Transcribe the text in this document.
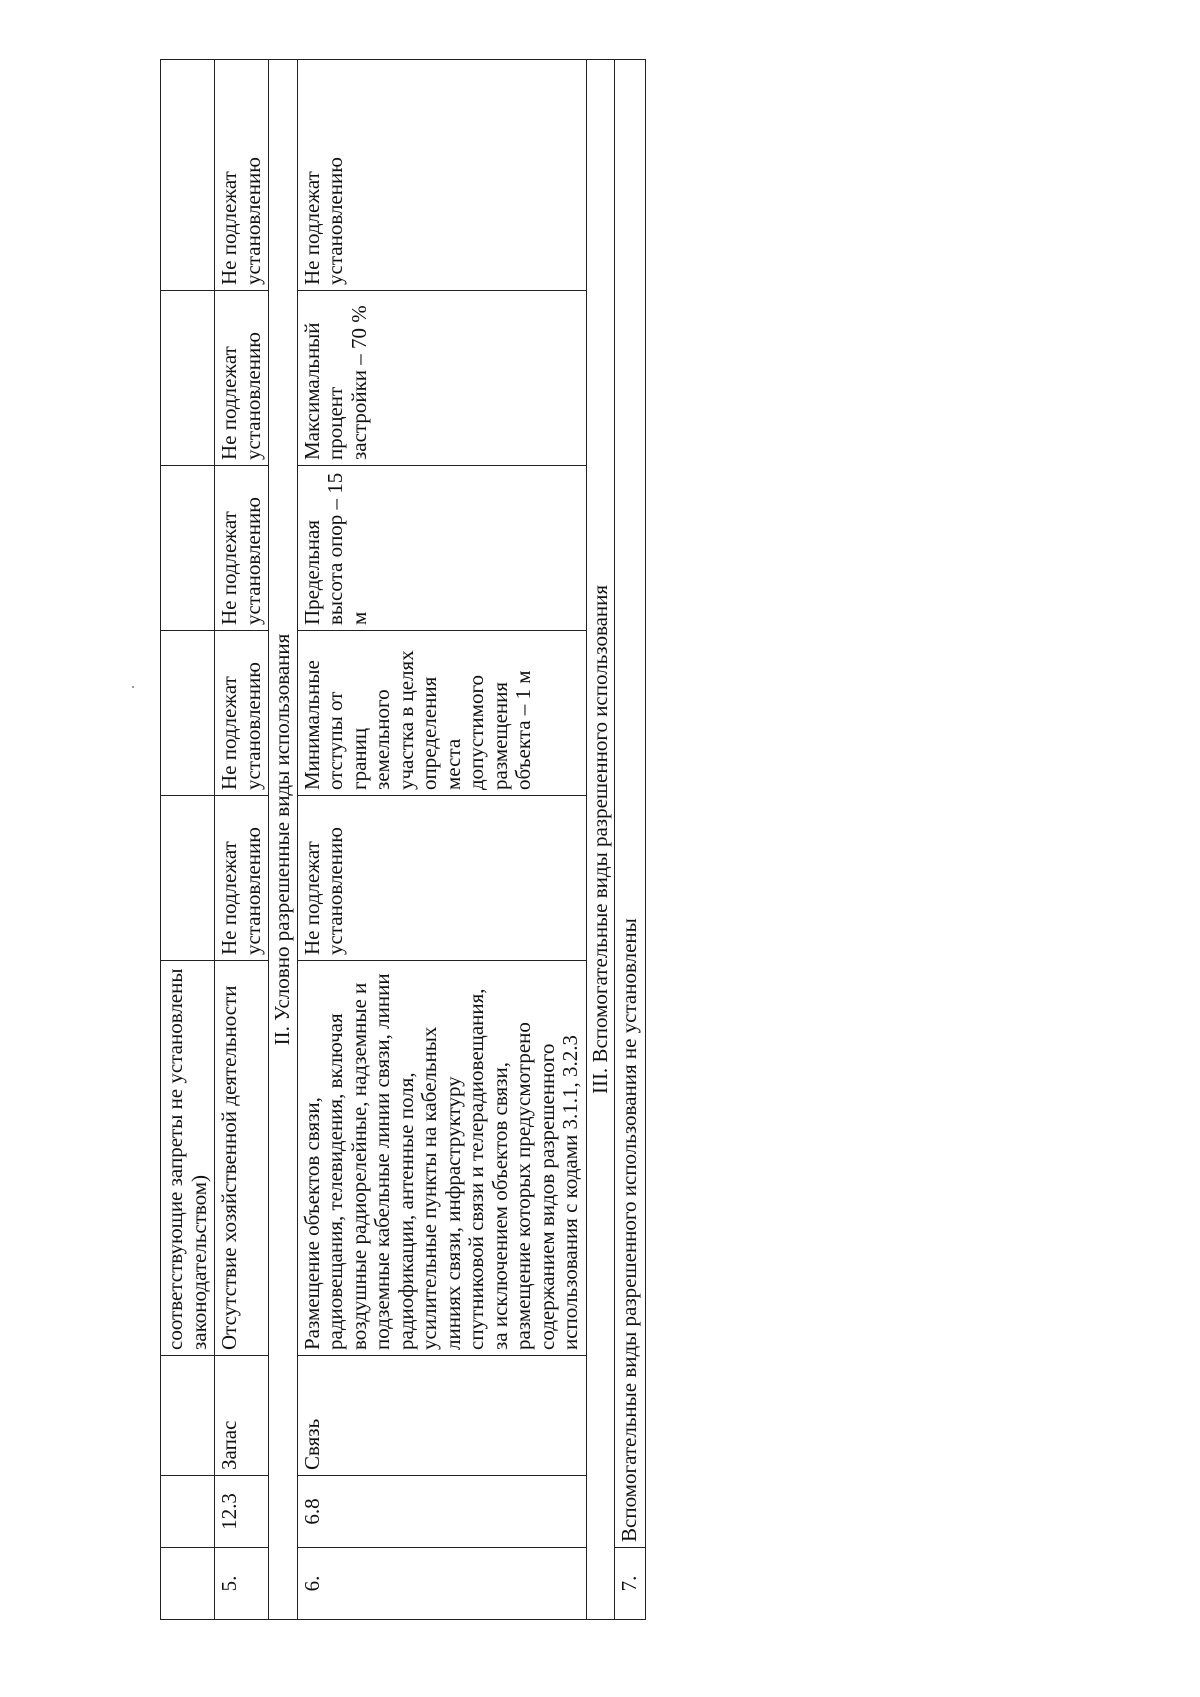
			соответствующие запреты не установлены законодательством)					
5.	12.3	Запас	Отсутствие хозяйственной деятельности	Не подлежат установлению	Не подлежат установлению	Не подлежат установлению	Не подлежат установлению	Не подлежат установлению
II. Условно разрешенные виды использования								
6.	6.8	Связь	Размещение объектов связи, радиовещания, телевидения, включая воздушные радиорелейные, надземные и подземные кабельные линии связи, линии радиофикации, антенные поля, усилительные пункты на кабельных линиях связи, инфраструктуру спутниковой связи и телерадиовещания, за исключением объектов связи, размещение которых предусмотрено содержанием видов разрешенного использования с кодами 3.1.1, 3.2.3	Не подлежат установлению	Минимальные отступы от границ земельного участка в целях определения места допустимого размещения объекта – 1 м	Предельная высота опор – 15 м	Максимальный процент застройки – 70 %	Не подлежат установлению
III. Вспомогательные виды разрешенного использования								
7.	Вспомогательные виды разрешенного использования не установлены							
